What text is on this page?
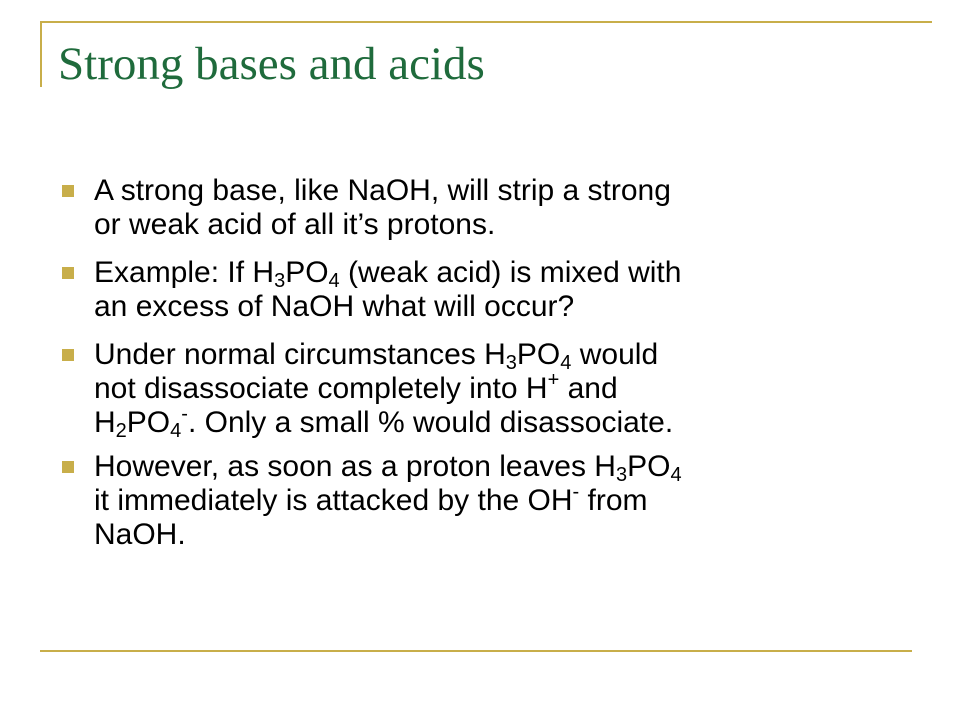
Strong bases and acids
A strong base, like NaOH, will strip a strong
or weak acid of all it’s protons.
Example: If $H_3PO_4$ (weak acid) is mixed with
an excess of NaOH what will occur?
Under normal circumstances $H_3PO_4$ would
not disassociate completely into H+ and
$H_2PO_4^-$. Only a small % would disassociate.
However, as soon as a proton leaves $H_3PO_4$
it immediately is attacked by the OH- from
NaOH.
